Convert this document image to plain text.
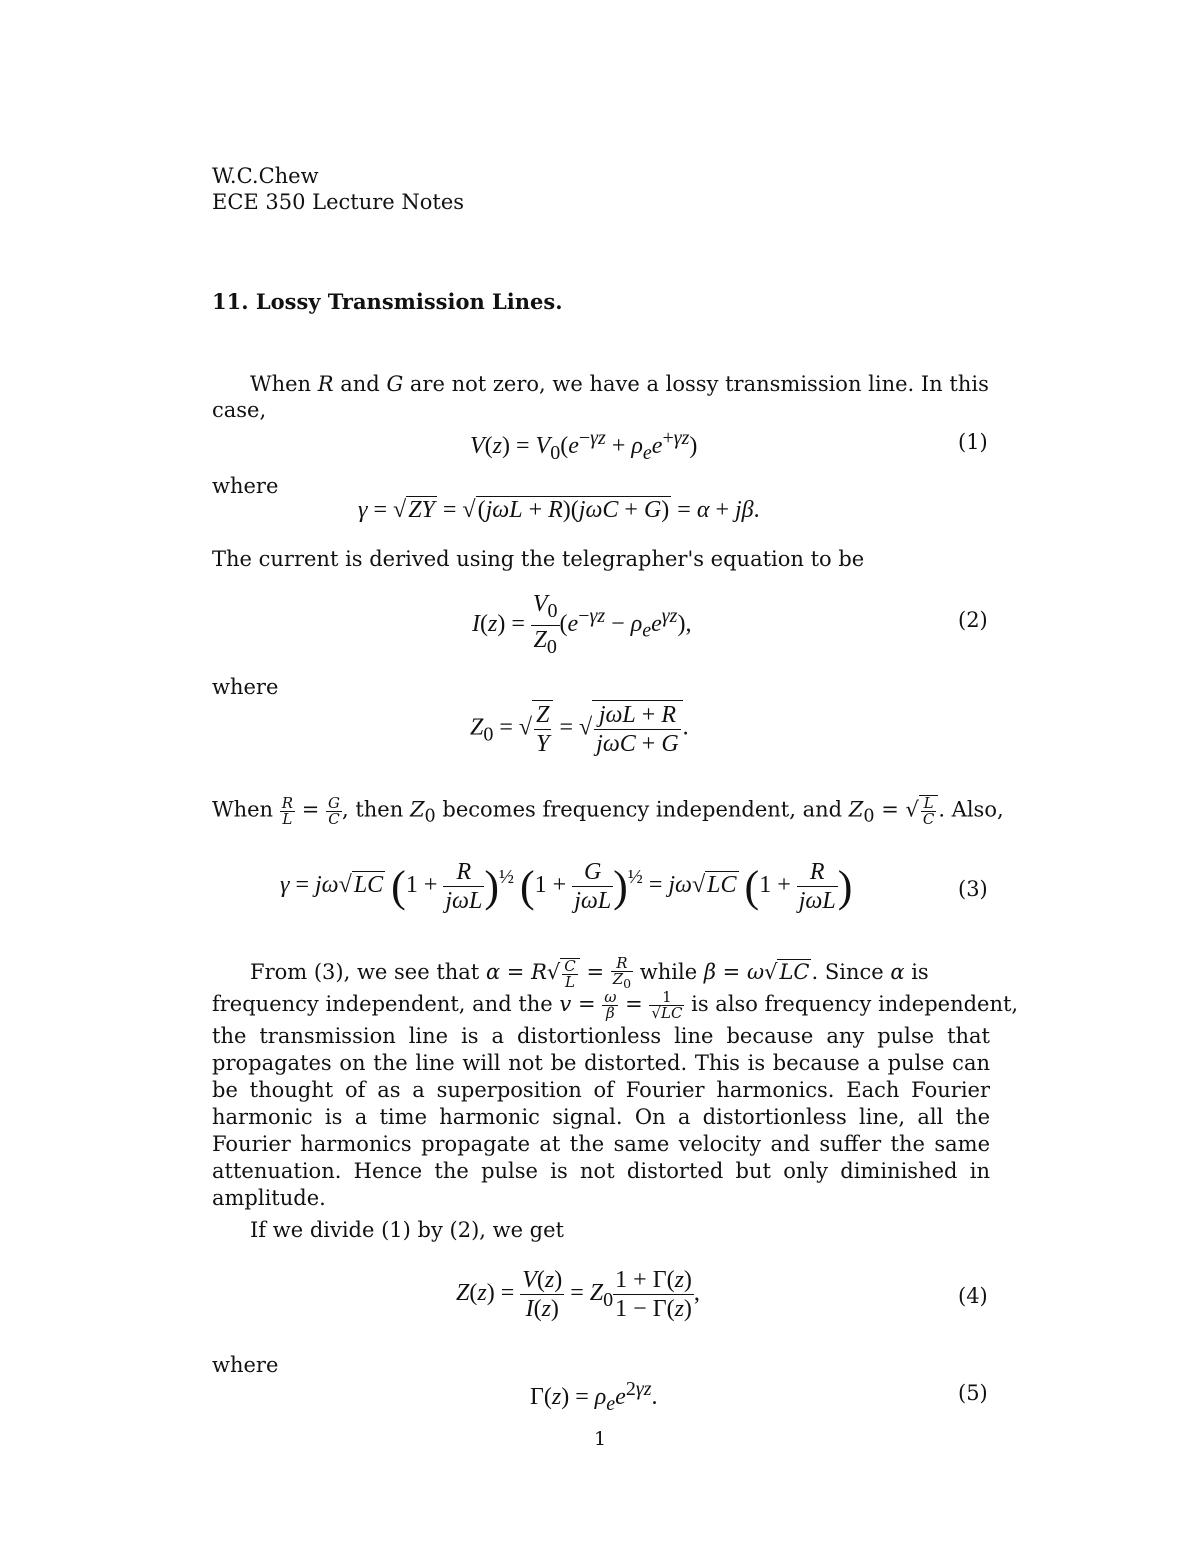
W.C.Chew
ECE 350 Lecture Notes
11. Lossy Transmission Lines.
When R and G are not zero, we have a lossy transmission line. In this
case,
$V(z) = V_0(e^{-\gamma z} + \rho_ee^{+\gamma z})$	(1)
where
γ = √ZY = √(jωL + R)(jωC + G) = α + jβ.
The current is derived using the telegrapher's equation to be
$I(z) = \frac{V_0}{Z_0} (e^{-\gamma z} - \rho_ee^{\gamma z})$,	(2)
where
$Z_0$ = √ $\frac{Z}{Y}$ = √ $\frac{\text{jωL + R}}{\text{jωC + G}}$ .
When $\frac{R}{L} = \frac{G}{C}$ , then $Z_0$ becomes frequency independent, and $Z_0$ = √ $\frac{L}{C}$ . Also,
γ = jω√LC $(1 + \frac{R}{\text{jωL}} )^{\frac{1}{2}}$ $(1 + \frac{G}{\text{jωL}} )^{\frac{1}{2}} = j\omega√LC$ ($1 + \frac{R}{\text{jωL}}$ )	(3)
From (3), we see that $\alpha = R√ \frac{C}{L} = \frac{R}{Z_0}$ while β = ω√LC. Since α is
frequency independent, and the $v = \frac{\omega}{\beta} = \frac{1}{√LC}$ is also frequency independent,
the transmission line is a distortionless line because any pulse that propagates on the line will not be distorted. This is because a pulse can be thought of as a superposition of Fourier harmonics. Each Fourier harmonic is a time harmonic signal. On a distortionless line, all the Fourier harmonics propagate at the same velocity and suffer the same attenuation. Hence the pulse is not distorted but only diminished in amplitude.
If we divide (1) by (2), we get
$Z(z) = \frac{V(z)}{I(z)} = Z_0 \frac{1 + \Gamma(z)}{1 - \Gamma(z)}$ ,	(4)
where
$\Gamma(z) = \rho_ee^{2\gamma z}$.	(5)
1
